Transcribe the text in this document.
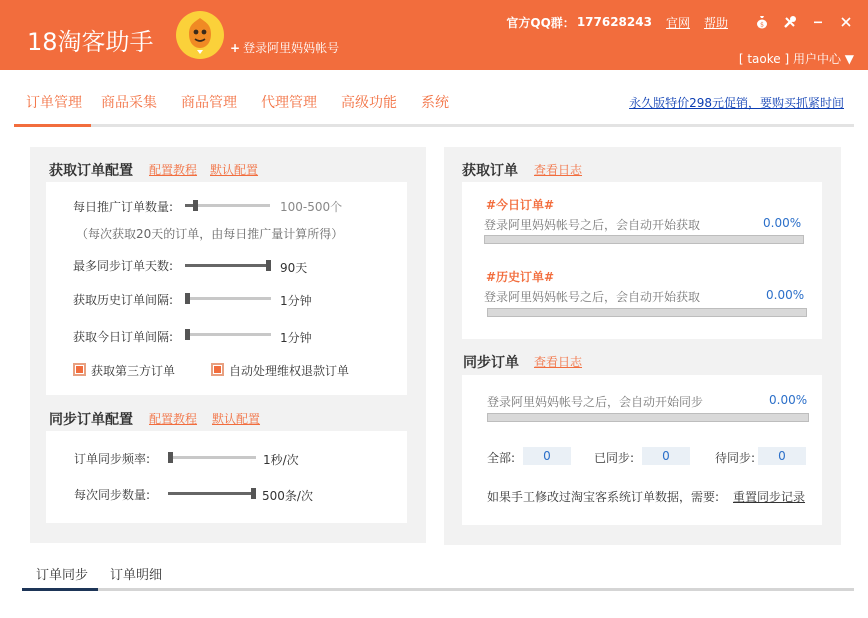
18淘客助手	+ 登录阿里妈妈帐号
官方QQ群： 177628243 官网 帮助	$
[ taoke ] 用户中心 ▼
订单管理 商品采集 商品管理 代理管理 高级功能 系统	永久版特价298元促销，要购买抓紧时间
获取订单配置 配置教程 默认配置
每日推广订单数量:	100-500个
（每次获取20天的订单，由每日推广量计算所得）
最多同步订单天数:	90天
获取历史订单间隔:	1分钟
获取今日订单间隔:	1分钟
获取第三方订单	自动处理维权退款订单
同步订单配置 配置教程 默认配置
订单同步频率:	1秒/次
每次同步数量:	500条/次
获取订单 查看日志
#今日订单#
登录阿里妈妈帐号之后，会自动开始获取	0.00%
#历史订单#
登录阿里妈妈帐号之后，会自动开始获取	0.00%
同步订单 查看日志
登录阿里妈妈帐号之后，会自动开始同步	0.00%
全部:	0	已同步:	0	待同步:	0
如果手工修改过淘宝客系统订单数据，需要: 重置同步记录
订单同步 订单明细
